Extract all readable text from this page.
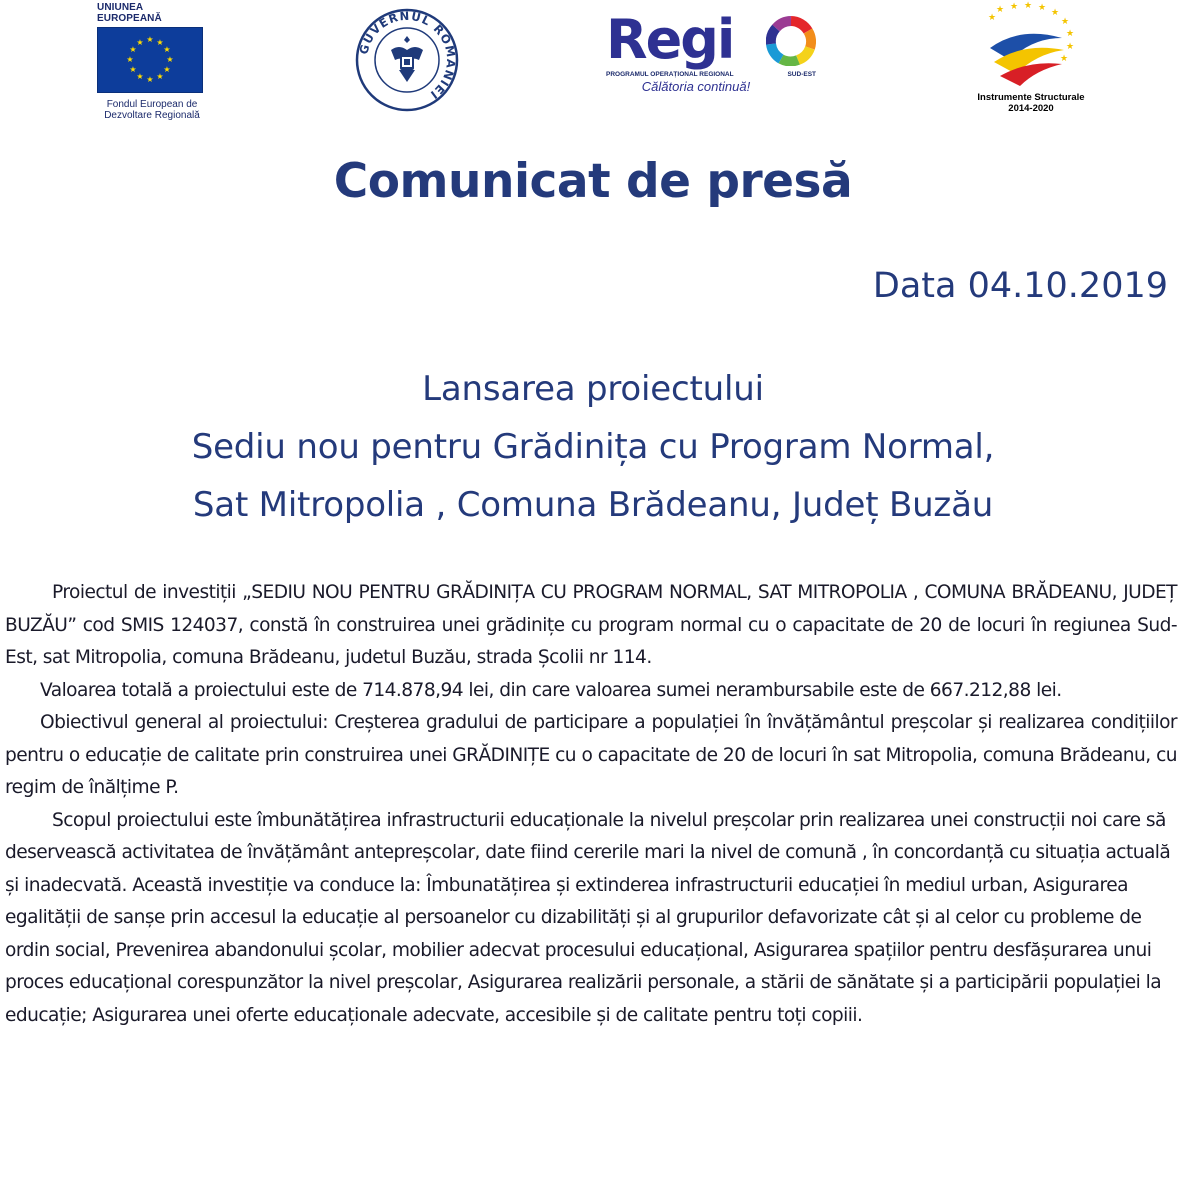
UNIUNEA EUROPEANĂ
★ ★
★
★
★
★
★
★
★
★
★
★
Fondul European de
Dezvoltare Regională
GUVERNUL ROMÂNIEI
Regi
PROGRAMUL OPERAȚIONAL REGIONAL	SUD-EST
Călătoria continuă!
★ ★ ★ ★ ★
★
★
★
★
★
Instrumente Structurale
2014-2020
Comunicat de presă
Data 04.10.2019
Lansarea proiectului
Sediu nou pentru Grădinița cu Program Normal,
Sat Mitropolia , Comuna Brădeanu, Județ Buzău

Proiectul de investiții „SEDIU NOU PENTRU GRĂDINIȚA CU PROGRAM NORMAL, SAT MITROPOLIA , COMUNA BRĂDEANU, JUDEȚ BUZĂU” cod SMIS 124037, constă în construirea unei grădinițe cu program normal cu o capacitate de 20 de locuri în regiunea Sud-Est, sat Mitropolia, comuna Brădeanu, judetul Buzău, strada Școlii nr 114.

Valoarea totală a proiectului este de 714.878,94 lei, din care valoarea sumei nerambursabile este de 667.212,88 lei.

Obiectivul general al proiectului: Creșterea gradului de participare a populației în învățământul preșcolar și realizarea condițiilor pentru o educație de calitate prin construirea unei GRĂDINIȚE cu o capacitate de 20 de locuri în sat Mitropolia, comuna Brădeanu, cu regim de înălțime P.

Scopul proiectului este îmbunătățirea infrastructurii educaționale la nivelul preșcolar prin realizarea unei construcții noi care să deservească activitatea de învățământ antepreșcolar, date fiind cererile mari la nivel de comună , în concordanță cu situația actuală și inadecvată. Această investiție va conduce la: Îmbunatățirea și extinderea infrastructurii educației în mediul urban, Asigurarea egalității de sanșe prin accesul la educație al persoanelor cu dizabilități și al grupurilor defavorizate cât și al celor cu probleme de ordin social, Prevenirea abandonului școlar, mobilier adecvat procesului educațional, Asigurarea spațiilor pentru desfășurarea unui proces educațional corespunzător la nivel preșcolar, Asigurarea realizării personale, a stării de sănătate și a participării populației la educație; Asigurarea unei oferte educaționale adecvate, accesibile și de calitate pentru toți copiii.
